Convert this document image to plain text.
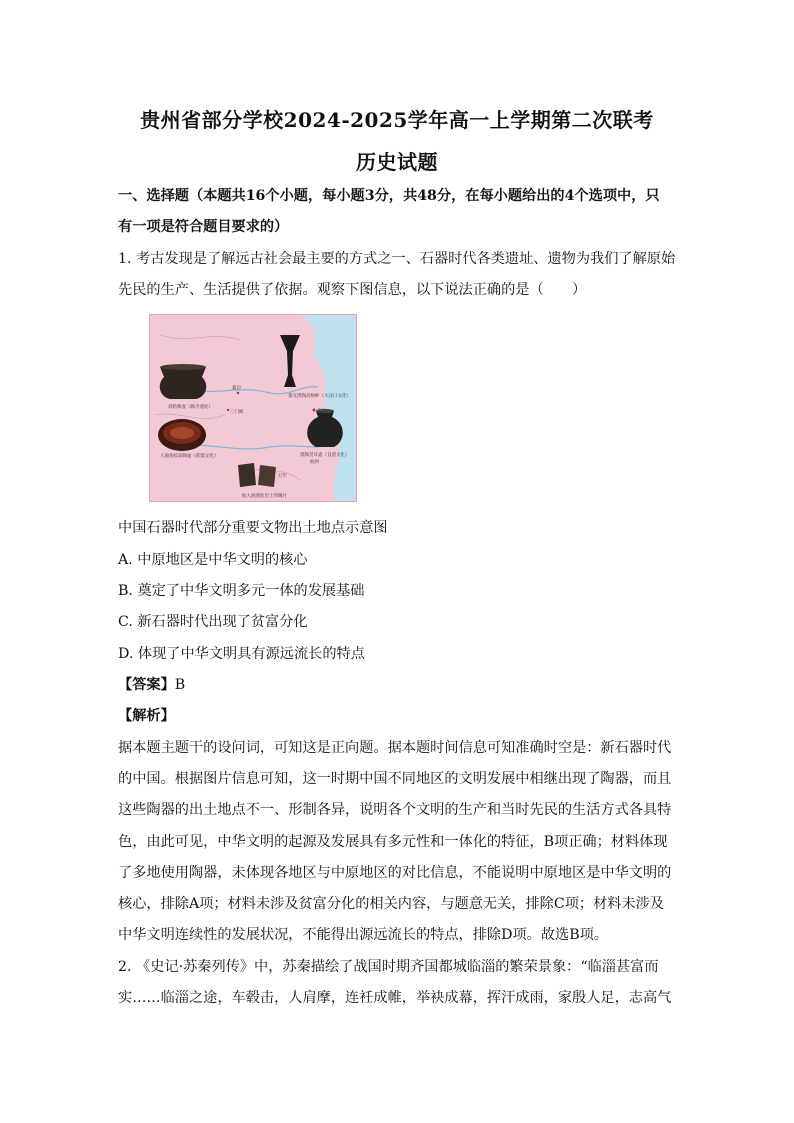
贵州省部分学校2024-2025学年高一上学期第二次联考
历史试题
一、选择题（本题共16个小题，每小题3分，共48分，在每小题给出的4个选项中，只
有一项是符合题目要求的）
1. 考古发现是了解远古社会最主要的方式之一、石器时代各类遗址、遗物为我们了解原始
先民的生产、生活提供了依据。观察下图信息，以下说法正确的是（　　）
彩绘陶壶（陶寺遗址）
蛋壳黑陶高柄杯（大汶口文化）
襄汾
三门峡
黑陶贯耳壶（良渚文化）
杭州
人面鱼纹彩陶盆（仰韶文化）
万年
仙人洞遗址出土的陶片
中国石器时代部分重要文物出土地点示意图
A. 中原地区是中华文明的核心
B. 奠定了中华文明多元一体的发展基础
C. 新石器时代出现了贫富分化
D. 体现了中华文明具有源远流长的特点
【答案】B
【解析】
据本题主题干的设问词，可知这是正向题。据本题时间信息可知准确时空是：新石器时代
的中国。根据图片信息可知，这一时期中国不同地区的文明发展中相继出现了陶器，而且
这些陶器的出土地点不一、形制各异，说明各个文明的生产和当时先民的生活方式各具特
色，由此可见，中华文明的起源及发展具有多元性和一体化的特征，B项正确；材料体现
了多地使用陶器，未体现各地区与中原地区的对比信息，不能说明中原地区是中华文明的
核心，排除A项；材料未涉及贫富分化的相关内容，与题意无关，排除C项；材料未涉及
中华文明连续性的发展状况，不能得出源远流长的特点，排除D项。故选B项。
2. 《史记·苏秦列传》中，苏秦描绘了战国时期齐国都城临淄的繁荣景象：“临淄甚富而
实……临淄之途，车毂击，人肩摩，连衽成帷，举袂成幕，挥汗成雨，家殷人足，志高气
